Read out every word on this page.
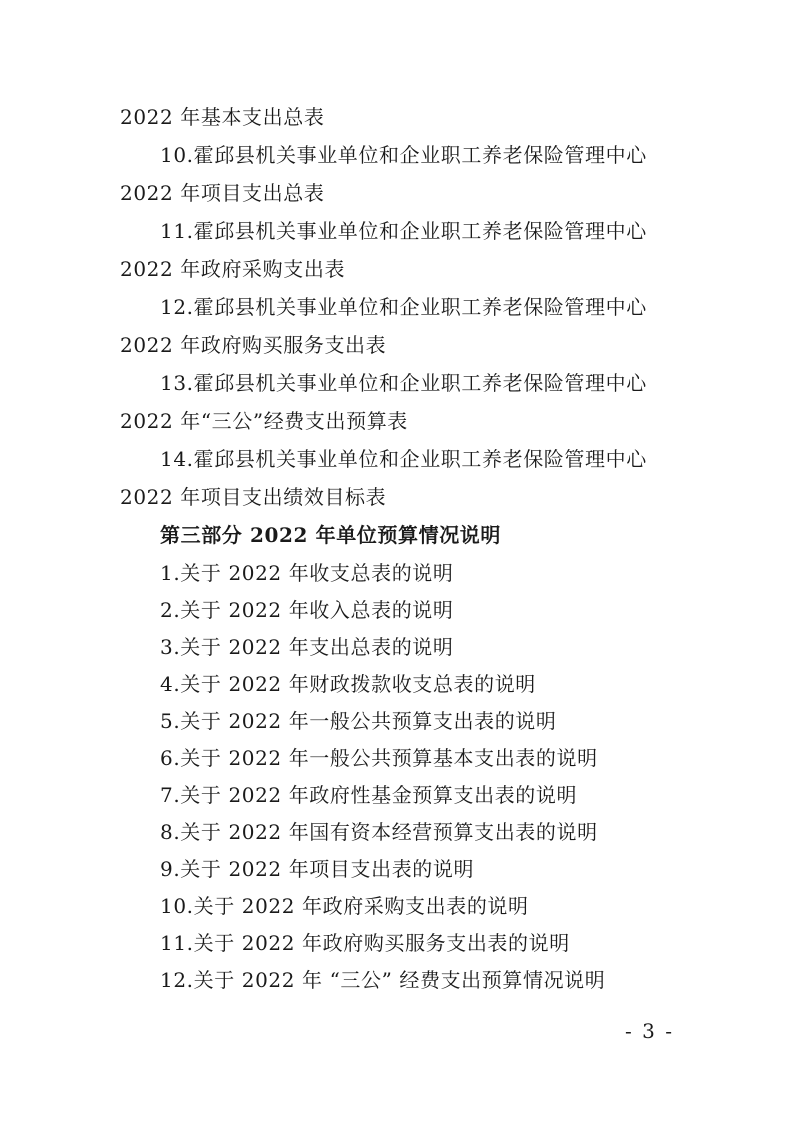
2022 年基本支出总表
10.霍邱县机关事业单位和企业职工养老保险管理中心
2022 年项目支出总表
11.霍邱县机关事业单位和企业职工养老保险管理中心
2022 年政府采购支出表
12.霍邱县机关事业单位和企业职工养老保险管理中心
2022 年政府购买服务支出表
13.霍邱县机关事业单位和企业职工养老保险管理中心
2022 年“三公”经费支出预算表
14.霍邱县机关事业单位和企业职工养老保险管理中心
2022 年项目支出绩效目标表
第三部分 2022 年单位预算情况说明
1.关于 2022 年收支总表的说明
2.关于 2022 年收入总表的说明
3.关于 2022 年支出总表的说明
4.关于 2022 年财政拨款收支总表的说明
5.关于 2022 年一般公共预算支出表的说明
6.关于 2022 年一般公共预算基本支出表的说明
7.关于 2022 年政府性基金预算支出表的说明
8.关于 2022 年国有资本经营预算支出表的说明
9.关于 2022 年项目支出表的说明
10.关于 2022 年政府采购支出表的说明
11.关于 2022 年政府购买服务支出表的说明
12.关于 2022 年 “三公” 经费支出预算情况说明
- 3 -
